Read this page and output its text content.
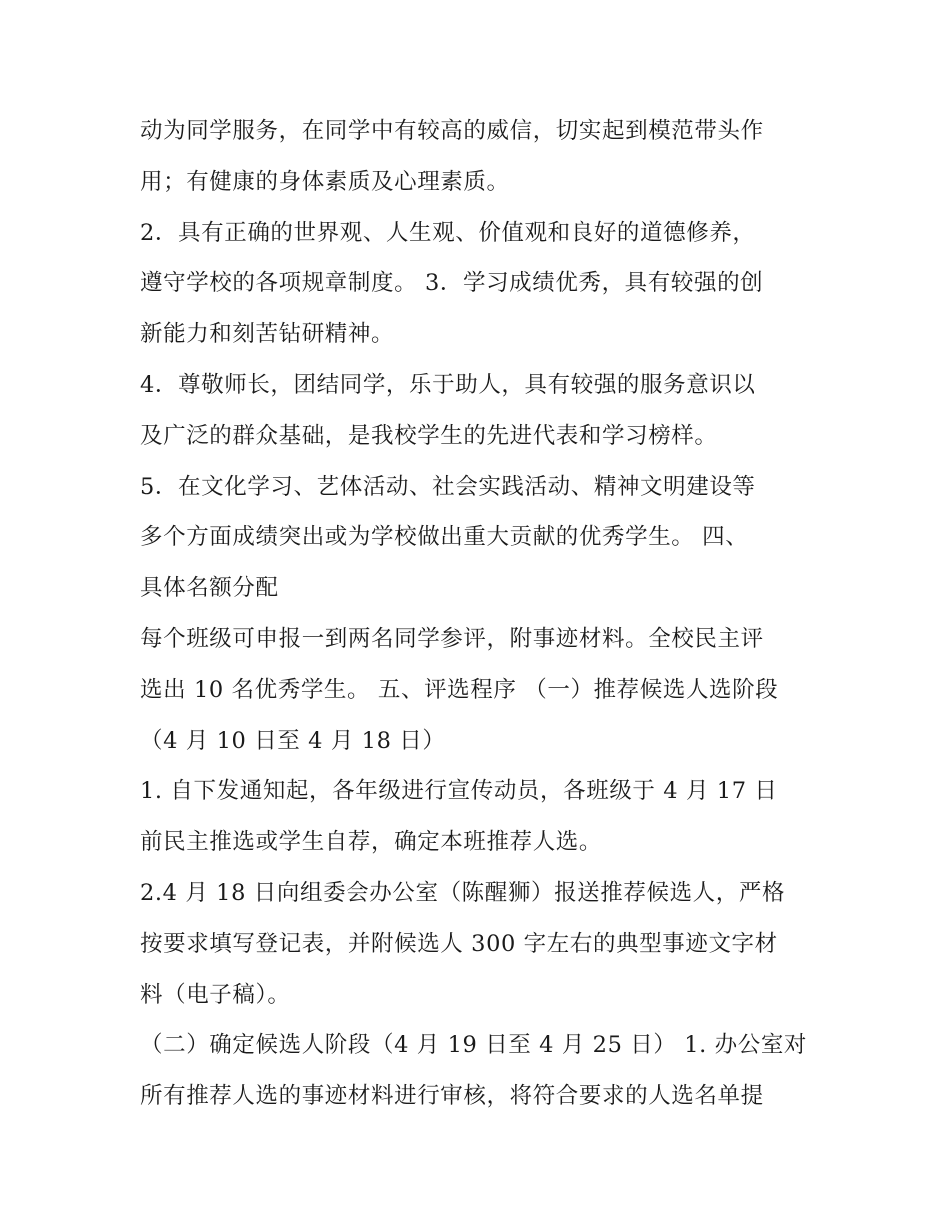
动为同学服务，在同学中有较高的威信，切实起到模范带头作
用；有健康的身体素质及心理素质。
2．具有正确的世界观、人生观、价值观和良好的道德修养，
遵守学校的各项规章制度。 3．学习成绩优秀，具有较强的创
新能力和刻苦钻研精神。
4．尊敬师长，团结同学，乐于助人，具有较强的服务意识以
及广泛的群众基础，是我校学生的先进代表和学习榜样。
5．在文化学习、艺体活动、社会实践活动、精神文明建设等
多个方面成绩突出或为学校做出重大贡献的优秀学生。 四、
具体名额分配
每个班级可申报一到两名同学参评，附事迹材料。全校民主评
选出 10 名优秀学生。 五、评选程序 （一）推荐候选人选阶段
（4 月 10 日至 4 月 18 日）
1. 自下发通知起，各年级进行宣传动员，各班级于 4 月 17 日
前民主推选或学生自荐，确定本班推荐人选。
2.4 月 18 日向组委会办公室（陈醒狮）报送推荐候选人，严格
按要求填写登记表，并附候选人 300 字左右的典型事迹文字材
料（电子稿）。
（二）确定候选人阶段（4 月 19 日至 4 月 25 日） 1. 办公室对
所有推荐人选的事迹材料进行审核，将符合要求的人选名单提
